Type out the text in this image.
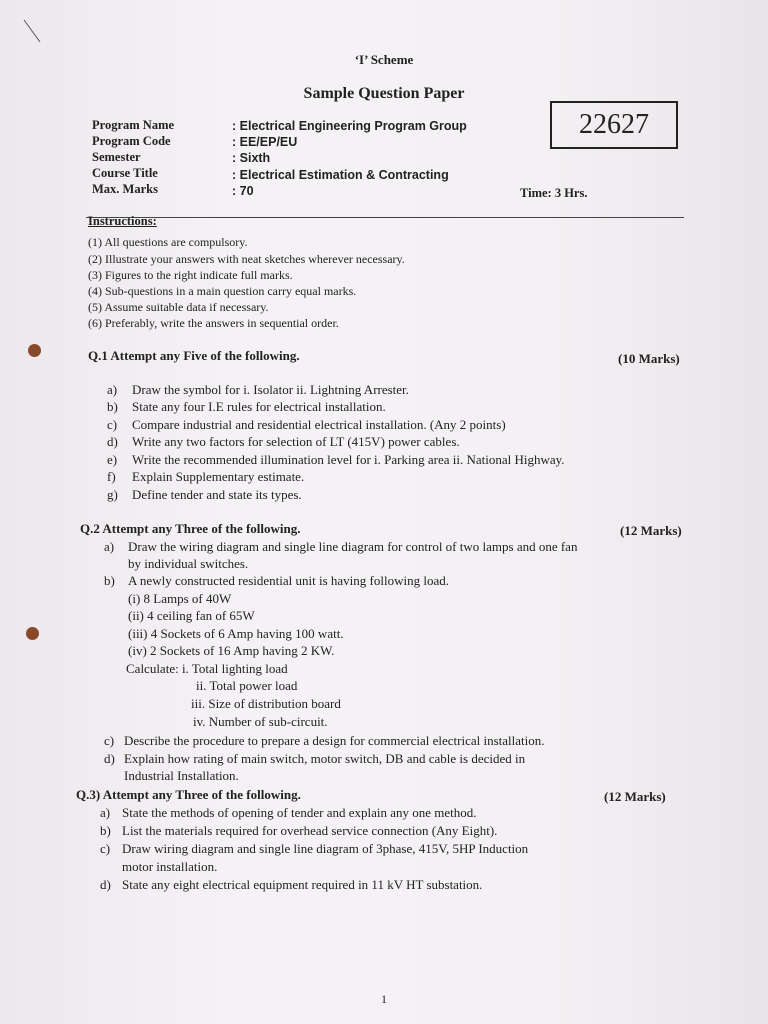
‘I’ Scheme
Sample Question Paper
22627
Program Name	: Electrical Engineering Program Group
Program Code	: EE/EP/EU
Semester	: Sixth
Course Title	: Electrical Estimation & Contracting
Max. Marks	: 70	Time: 3 Hrs.
Instructions:
(1) All questions are compulsory.
(2) Illustrate your answers with neat sketches wherever necessary.
(3) Figures to the right indicate full marks.
(4) Sub-questions in a main question carry equal marks.
(5) Assume suitable data if necessary.
(6) Preferably, write the answers in sequential order.
Q.1 Attempt any Five of the following.	(10 Marks)
a) Draw the symbol for i. Isolator ii. Lightning Arrester.
b) State any four I.E rules for electrical installation.
c) Compare industrial and residential electrical installation. (Any 2 points)
d) Write any two factors for selection of LT (415V) power cables.
e) Write the recommended illumination level for i. Parking area ii. National Highway.
f) Explain Supplementary estimate.
g) Define tender and state its types.
Q.2 Attempt any Three of the following.	(12 Marks)
a) Draw the wiring diagram and single line diagram for control of two lamps and one fan
by individual switches.
b) A newly constructed residential unit is having following load.
(i) 8 Lamps of 40W
(ii) 4 ceiling fan of 65W
(iii) 4 Sockets of 6 Amp having 100 watt.
(iv) 2 Sockets of 16 Amp having 2 KW.
Calculate: i. Total lighting load
ii. Total power load
iii. Size of distribution board
iv. Number of sub-circuit.
c) Describe the procedure to prepare a design for commercial electrical installation.
d) Explain how rating of main switch, motor switch, DB and cable is decided in
Industrial Installation.
Q.3) Attempt any Three of the following.	(12 Marks)
a) State the methods of opening of tender and explain any one method.
b) List the materials required for overhead service connection (Any Eight).
c) Draw wiring diagram and single line diagram of 3phase, 415V, 5HP Induction
motor installation.
d) State any eight electrical equipment required in 11 kV HT substation.
1
